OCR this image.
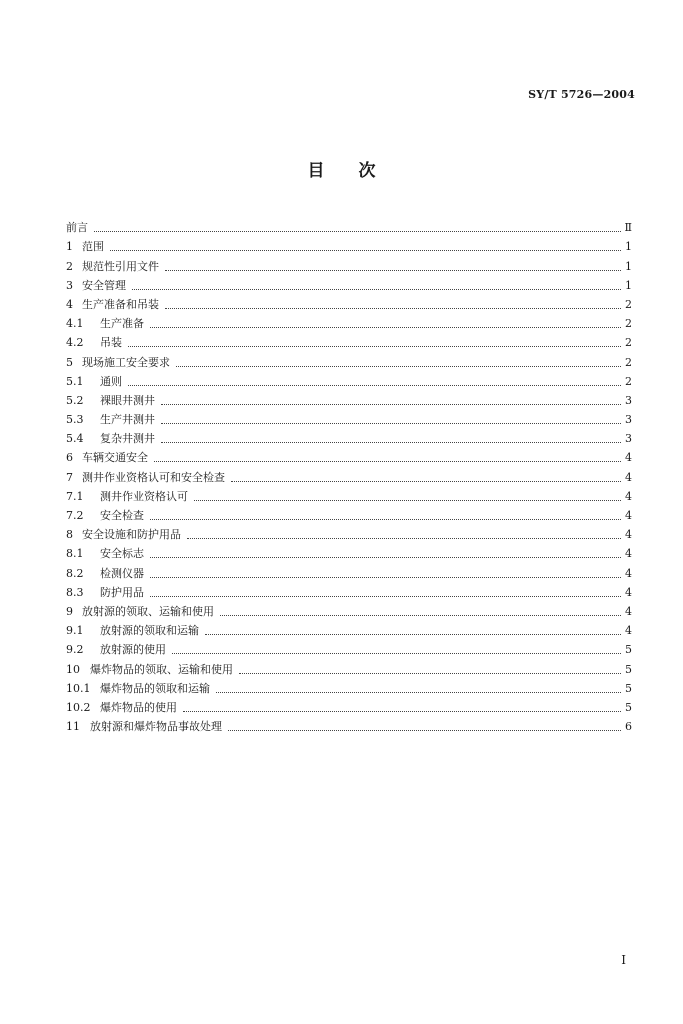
SY/T 5726—2004
目 次
前言	Ⅱ
1 范围	1
2 规范性引用文件	1
3 安全管理	1
4 生产准备和吊装	2
4.1	生产准备	2
4.2	吊装	2
5 现场施工安全要求	2
5.1	通则	2
5.2	裸眼井测井	3
5.3	生产井测井	3
5.4	复杂井测井	3
6 车辆交通安全	4
7 测井作业资格认可和安全检查	4
7.1	测井作业资格认可	4
7.2	安全检查	4
8 安全设施和防护用品	4
8.1	安全标志	4
8.2	检测仪器	4
8.3	防护用品	4
9 放射源的领取、运输和使用	4
9.1	放射源的领取和运输	4
9.2	放射源的使用	5
10 爆炸物品的领取、运输和使用	5
10.1 爆炸物品的领取和运输	5
10.2 爆炸物品的使用	5
11 放射源和爆炸物品事故处理	6
Ⅰ
